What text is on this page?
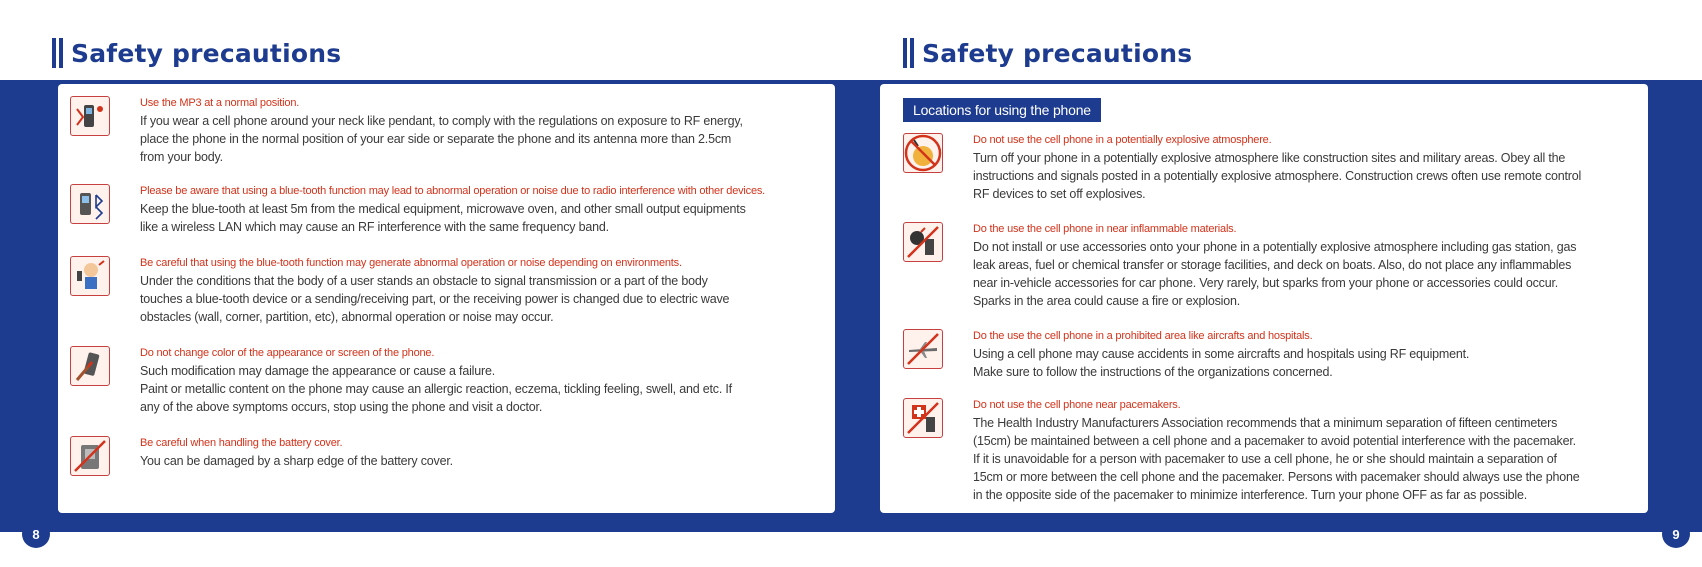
Safety precautions
Use the MP3 at a normal position.

If you wear a cell phone around your neck like pendant, to comply with the regulations on exposure to RF energy,

place the phone in the normal position of your ear side or separate the phone and its antenna more than 2.5cm

from your body.

Please be aware that using a blue-tooth function may lead to abnormal operation or noise due to radio interference with other devices.

Keep the blue-tooth at least 5m from the medical equipment, microwave oven, and other small output equipments

like a wireless LAN which may cause an RF interference with the same frequency band.

Be careful that using the blue-tooth function may generate abnormal operation or noise depending on environments.

Under the conditions that the body of a user stands an obstacle to signal transmission or a part of the body

touches a blue-tooth device or a sending/receiving part, or the receiving power is changed due to electric wave

obstacles (wall, corner, partition, etc), abnormal operation or noise may occur.

Do not change color of the appearance or screen of the phone.

Such modification may damage the appearance or cause a failure.

Paint or metallic content on the phone may cause an allergic reaction, eczema, tickling feeling, swell, and etc. If

any of the above symptoms occurs, stop using the phone and visit a doctor.

Be careful when handling the battery cover.

You can be damaged by a sharp edge of the battery cover.

8
Safety precautions
Locations for using the phone
Do not use the cell phone in a potentially explosive atmosphere.

Turn off your phone in a potentially explosive atmosphere like construction sites and military areas. Obey all the

instructions and signals posted in a potentially explosive atmosphere. Construction crews often use remote control

RF devices to set off explosives.

Do the use the cell phone in near inflammable materials.

Do not install or use accessories onto your phone in a potentially explosive atmosphere including gas station, gas

leak areas, fuel or chemical transfer or storage facilities, and deck on boats. Also, do not place any inflammables

near in-vehicle accessories for car phone. Very rarely, but sparks from your phone or accessories could occur.

Sparks in the area could cause a fire or explosion.

Do the use the cell phone in a prohibited area like aircrafts and hospitals.

Using a cell phone may cause accidents in some aircrafts and hospitals using RF equipment.

Make sure to follow the instructions of the organizations concerned.

Do not use the cell phone near pacemakers.

The Health Industry Manufacturers Association recommends that a minimum separation of fifteen centimeters

(15cm) be maintained between a cell phone and a pacemaker to avoid potential interference with the pacemaker.

If it is unavoidable for a person with pacemaker to use a cell phone, he or she should maintain a separation of

15cm or more between the cell phone and the pacemaker. Persons with pacemaker should always use the phone

in the opposite side of the pacemaker to minimize interference. Turn your phone OFF as far as possible.

9
